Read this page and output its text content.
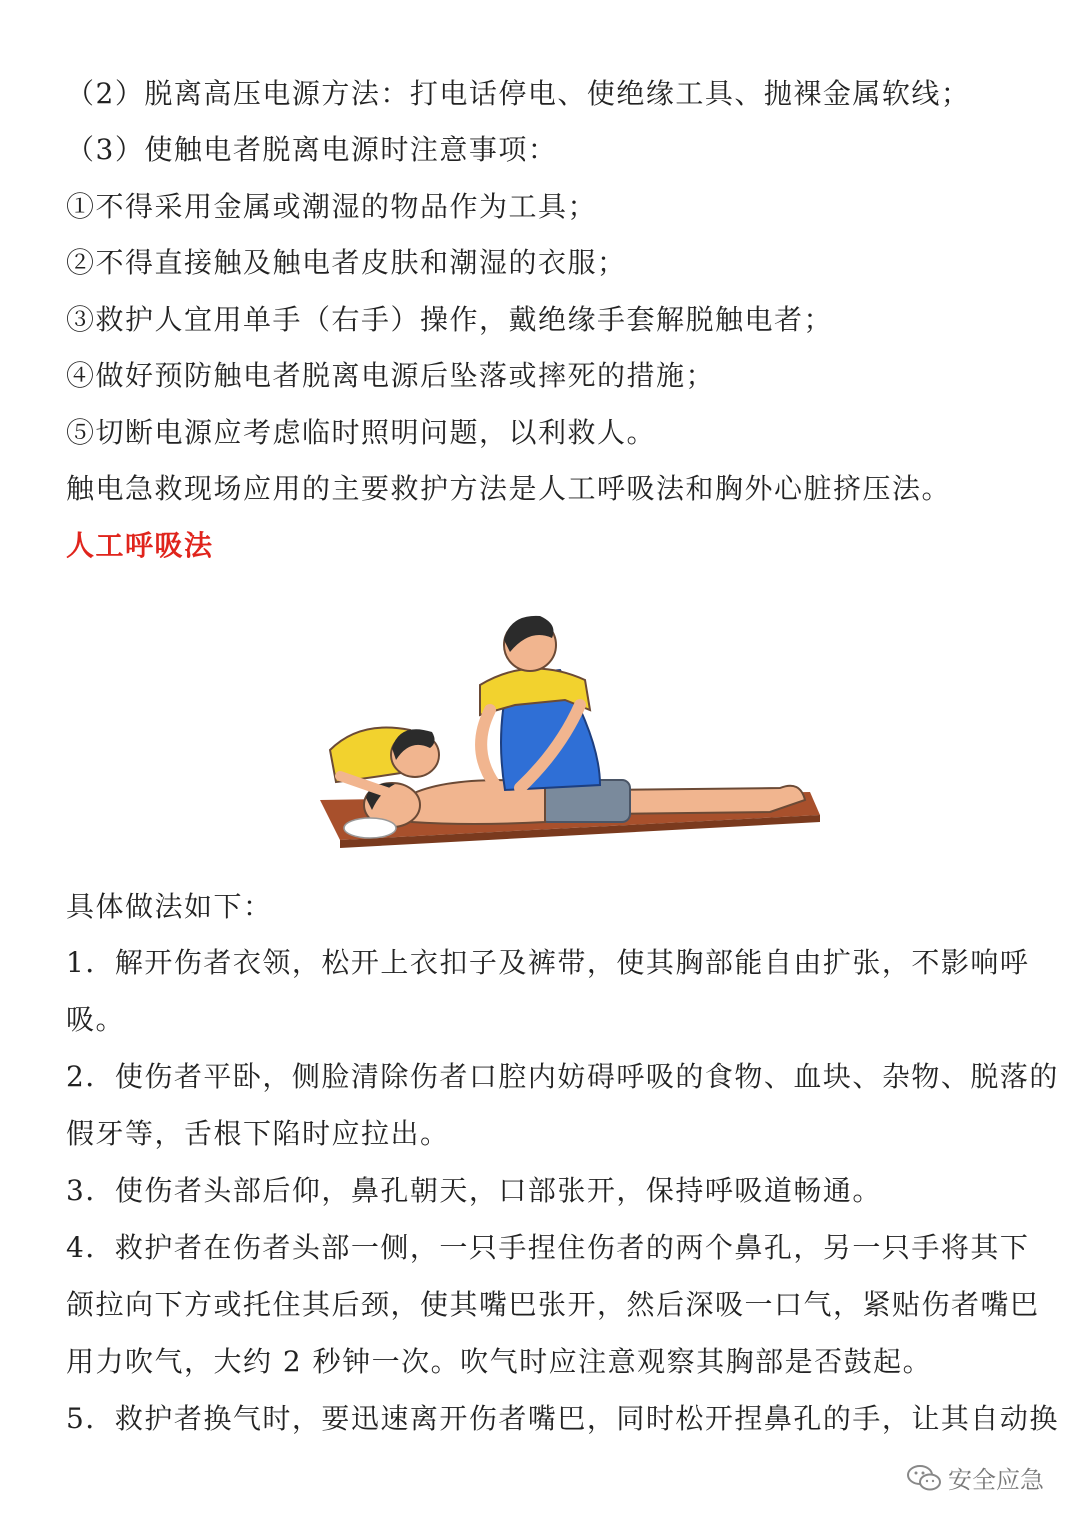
（2）脱离高压电源方法：打电话停电、使绝缘工具、抛裸金属软线；
（3）使触电者脱离电源时注意事项：
①不得采用金属或潮湿的物品作为工具；
②不得直接触及触电者皮肤和潮湿的衣服；
③救护人宜用单手（右手）操作，戴绝缘手套解脱触电者；
④做好预防触电者脱离电源后坠落或摔死的措施；
⑤切断电源应考虑临时照明问题，以利救人。
触电急救现场应用的主要救护方法是人工呼吸法和胸外心脏挤压法。
人工呼吸法
具体做法如下：
1．解开伤者衣领，松开上衣扣子及裤带，使其胸部能自由扩张，不影响呼
吸。
2．使伤者平卧，侧脸清除伤者口腔内妨碍呼吸的食物、血块、杂物、脱落的
假牙等，舌根下陷时应拉出。
3．使伤者头部后仰，鼻孔朝天，口部张开，保持呼吸道畅通。
4．救护者在伤者头部一侧，一只手捏住伤者的两个鼻孔，另一只手将其下
颌拉向下方或托住其后颈，使其嘴巴张开，然后深吸一口气，紧贴伤者嘴巴
用力吹气，大约 2 秒钟一次。吹气时应注意观察其胸部是否鼓起。
5．救护者换气时，要迅速离开伤者嘴巴，同时松开捏鼻孔的手，让其自动换
安全应急
